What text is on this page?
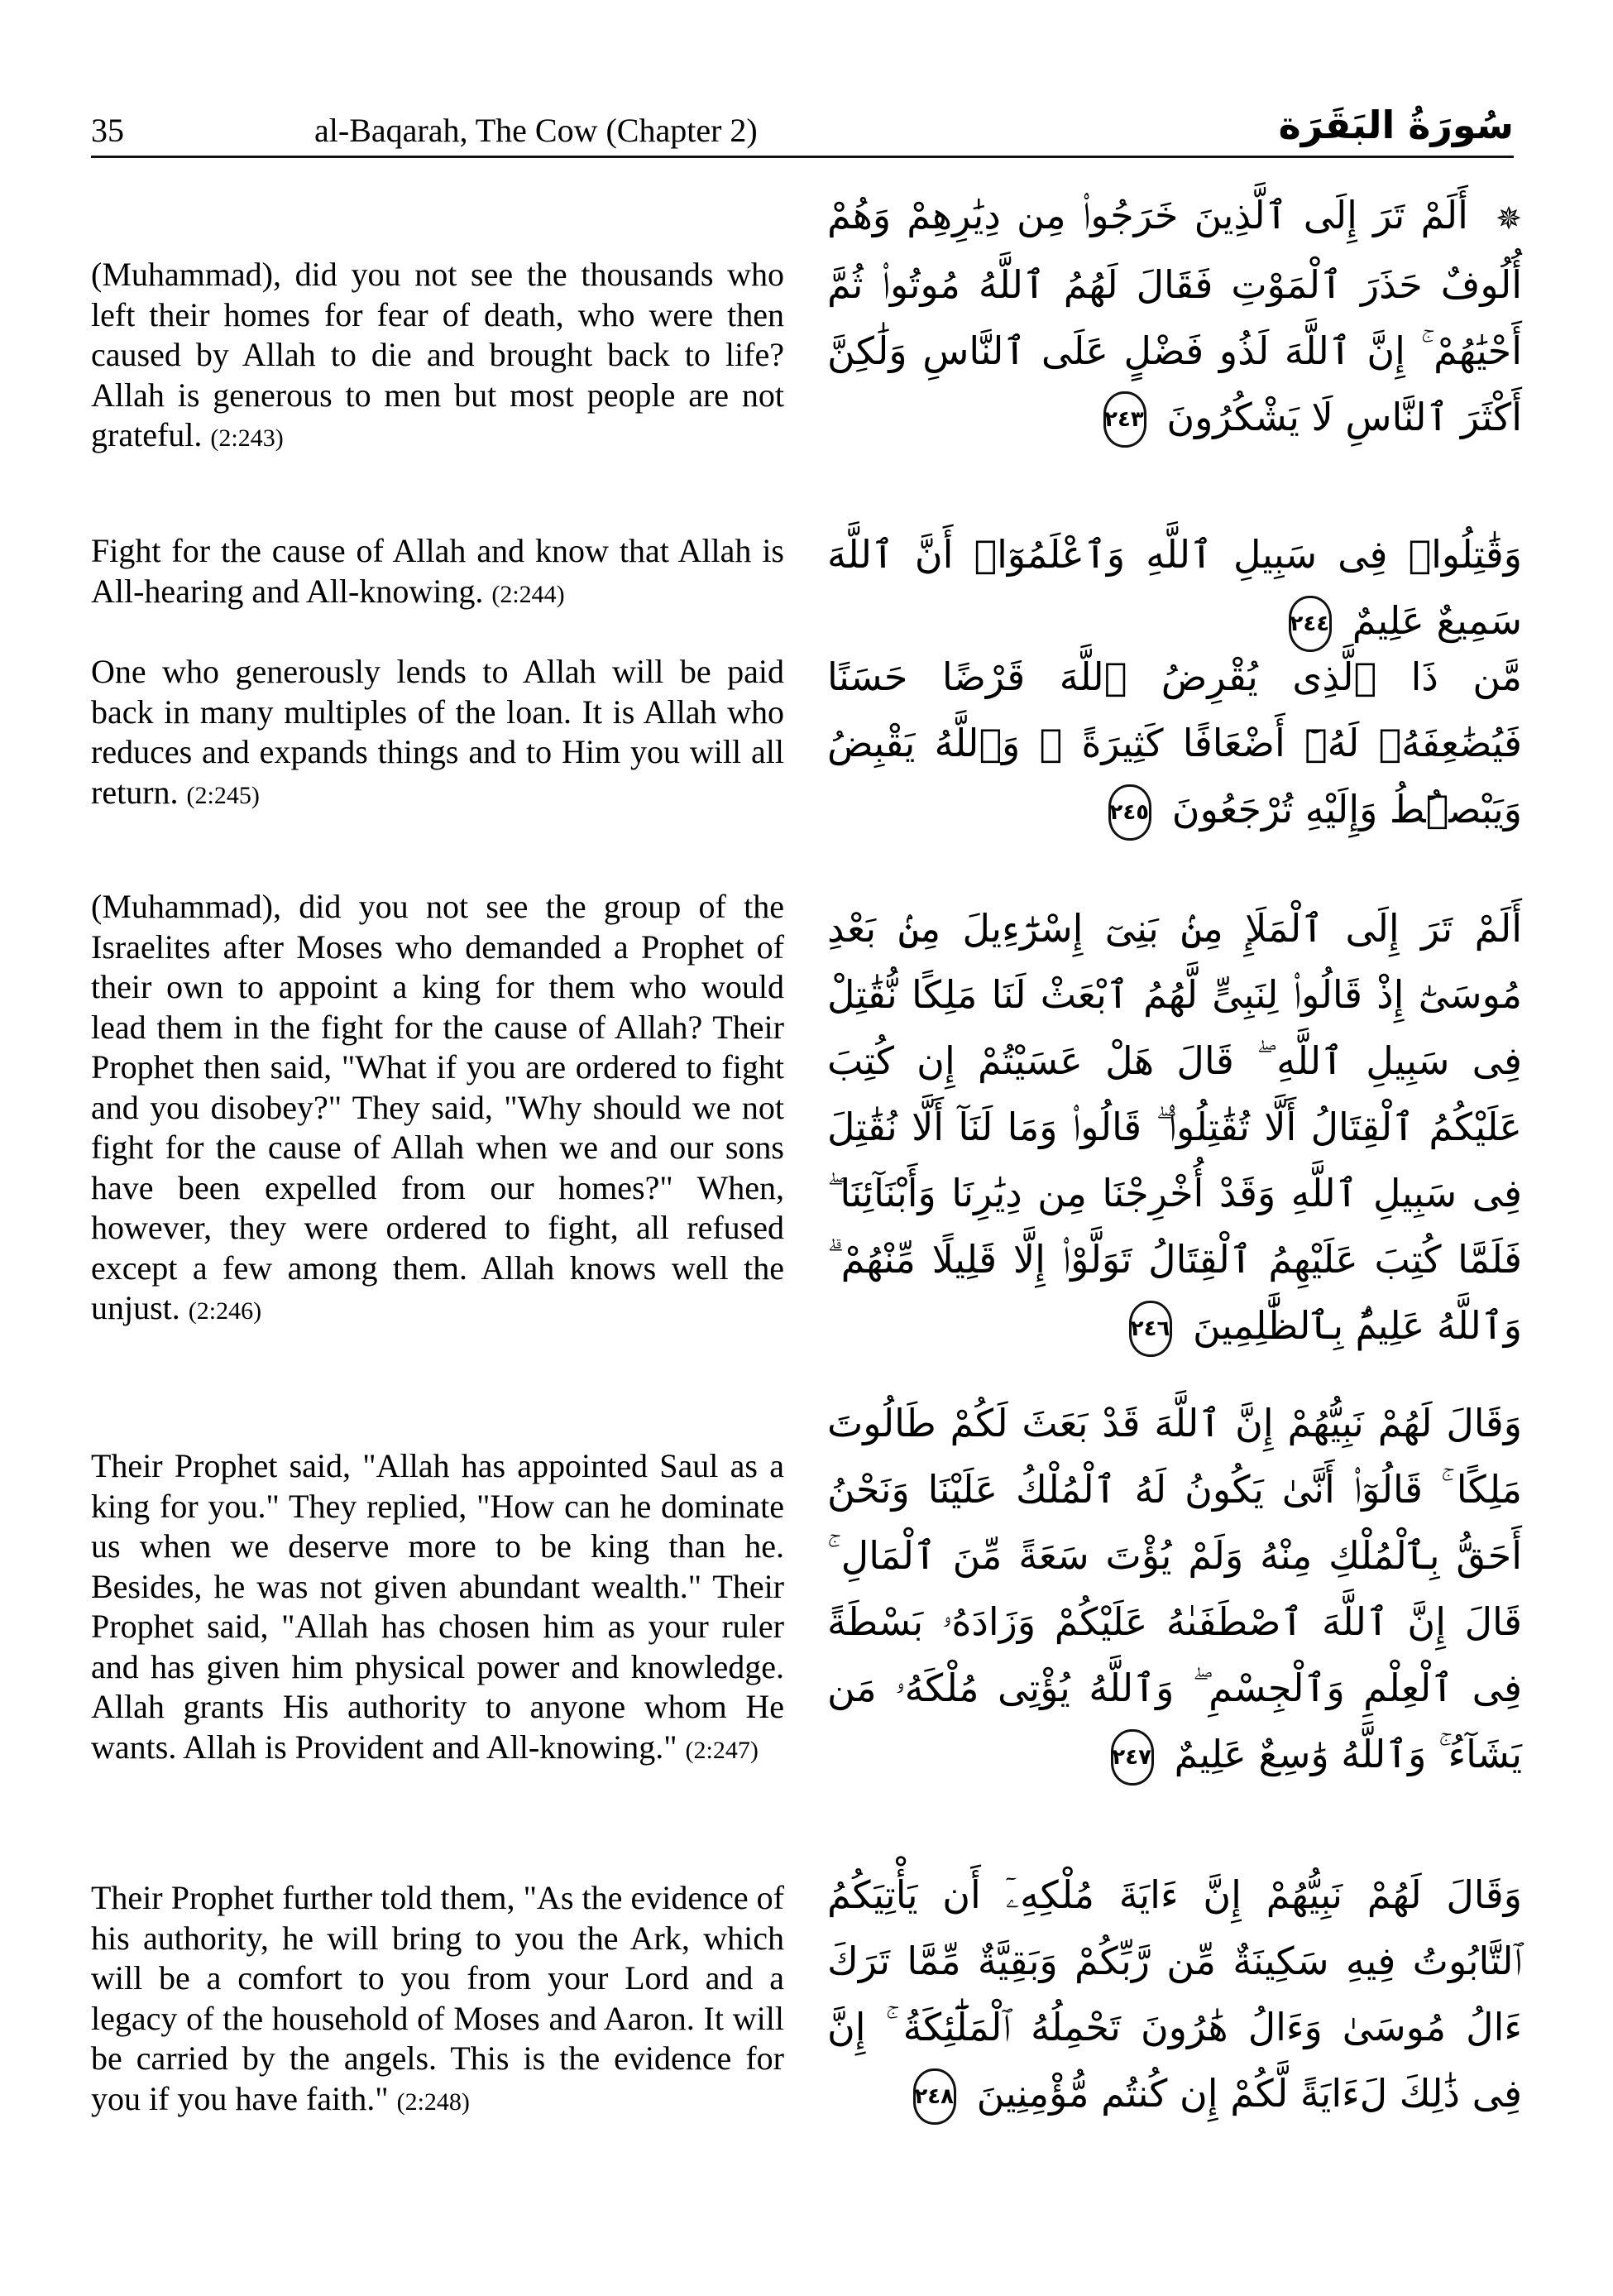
35	al-Baqarah, The Cow (Chapter 2)	سُورَةُ البَقَرَة
(Muhammad), did you not see the thousands who left their homes for fear of death, who were then caused by Allah to die and brought back to life? Allah is generous to men but most people are not grateful. (2:243)
✵ أَلَمْ تَرَ إِلَى ٱلَّذِينَ خَرَجُوا۟ مِن دِيَٰرِهِمْ وَهُمْ أُلُوفٌ حَذَرَ ٱلْمَوْتِ فَقَالَ لَهُمُ ٱللَّهُ مُوتُوا۟ ثُمَّ أَحْيَٰهُمْ ۚ إِنَّ ٱللَّهَ لَذُو فَضْلٍ عَلَى ٱلنَّاسِ وَلَٰكِنَّ أَكْثَرَ ٱلنَّاسِ لَا يَشْكُرُونَ ٢٤٣
Fight for the cause of Allah and know that Allah is All-hearing and All-knowing. (2:244)
وَقَٰتِلُوا۟ فِى سَبِيلِ ٱللَّهِ وَٱعْلَمُوٓا۟ أَنَّ ٱللَّهَ سَمِيعٌ عَلِيمٌ ٢٤٤
One who generously lends to Allah will be paid back in many multiples of the loan. It is Allah who reduces and expands things and to Him you will all return. (2:245)
مَّن ذَا ٱلَّذِى يُقْرِضُ ٱللَّهَ قَرْضًا حَسَنًا فَيُضَٰعِفَهُۥ لَهُۥٓ أَضْعَافًا كَثِيرَةً ۚ وَٱللَّهُ يَقْبِضُ وَيَبْصُۜطُ وَإِلَيْهِ تُرْجَعُونَ ٢٤٥
(Muhammad), did you not see the group of the Israelites after Moses who demanded a Prophet of their own to appoint a king for them who would lead them in the fight for the cause of Allah? Their Prophet then said, "What if you are ordered to fight and you disobey?" They said, "Why should we not fight for the cause of Allah when we and our sons have been expelled from our homes?" When, however, they were ordered to fight, all refused except a few among them. Allah knows well the unjust. (2:246)
أَلَمْ تَرَ إِلَى ٱلْمَلَإِ مِنۢ بَنِىٓ إِسْرَٰٓءِيلَ مِنۢ بَعْدِ مُوسَىٰٓ إِذْ قَالُوا۟ لِنَبِىٍّ لَّهُمُ ٱبْعَثْ لَنَا مَلِكًا نُّقَٰتِلْ فِى سَبِيلِ ٱللَّهِ ۖ قَالَ هَلْ عَسَيْتُمْ إِن كُتِبَ عَلَيْكُمُ ٱلْقِتَالُ أَلَّا تُقَٰتِلُوا۟ ۖ قَالُوا۟ وَمَا لَنَآ أَلَّا نُقَٰتِلَ فِى سَبِيلِ ٱللَّهِ وَقَدْ أُخْرِجْنَا مِن دِيَٰرِنَا وَأَبْنَآئِنَا ۖ فَلَمَّا كُتِبَ عَلَيْهِمُ ٱلْقِتَالُ تَوَلَّوْا۟ إِلَّا قَلِيلًا مِّنْهُمْ ۗ وَٱللَّهُ عَلِيمٌۢ بِٱلظَّٰلِمِينَ ٢٤٦
Their Prophet said, "Allah has appointed Saul as a king for you." They replied, "How can he dominate us when we deserve more to be king than he. Besides, he was not given abundant wealth." Their Prophet said, "Allah has chosen him as your ruler and has given him physical power and knowledge. Allah grants His authority to anyone whom He wants. Allah is Provident and All-knowing." (2:247)
وَقَالَ لَهُمْ نَبِيُّهُمْ إِنَّ ٱللَّهَ قَدْ بَعَثَ لَكُمْ طَالُوتَ مَلِكًا ۚ قَالُوٓا۟ أَنَّىٰ يَكُونُ لَهُ ٱلْمُلْكُ عَلَيْنَا وَنَحْنُ أَحَقُّ بِٱلْمُلْكِ مِنْهُ وَلَمْ يُؤْتَ سَعَةً مِّنَ ٱلْمَالِ ۚ قَالَ إِنَّ ٱللَّهَ ٱصْطَفَىٰهُ عَلَيْكُمْ وَزَادَهُۥ بَسْطَةً فِى ٱلْعِلْمِ وَٱلْجِسْمِ ۖ وَٱللَّهُ يُؤْتِى مُلْكَهُۥ مَن يَشَآءُ ۚ وَٱللَّهُ وَٰسِعٌ عَلِيمٌ ٢٤٧
Their Prophet further told them, "As the evidence of his authority, he will bring to you the Ark, which will be a comfort to you from your Lord and a legacy of the household of Moses and Aaron. It will be carried by the angels. This is the evidence for you if you have faith." (2:248)
وَقَالَ لَهُمْ نَبِيُّهُمْ إِنَّ ءَايَةَ مُلْكِهِۦٓ أَن يَأْتِيَكُمُ ٱلتَّابُوتُ فِيهِ سَكِينَةٌ مِّن رَّبِّكُمْ وَبَقِيَّةٌ مِّمَّا تَرَكَ ءَالُ مُوسَىٰ وَءَالُ هَٰرُونَ تَحْمِلُهُ ٱلْمَلَٰٓئِكَةُ ۚ إِنَّ فِى ذَٰلِكَ لَءَايَةً لَّكُمْ إِن كُنتُم مُّؤْمِنِينَ ٢٤٨
